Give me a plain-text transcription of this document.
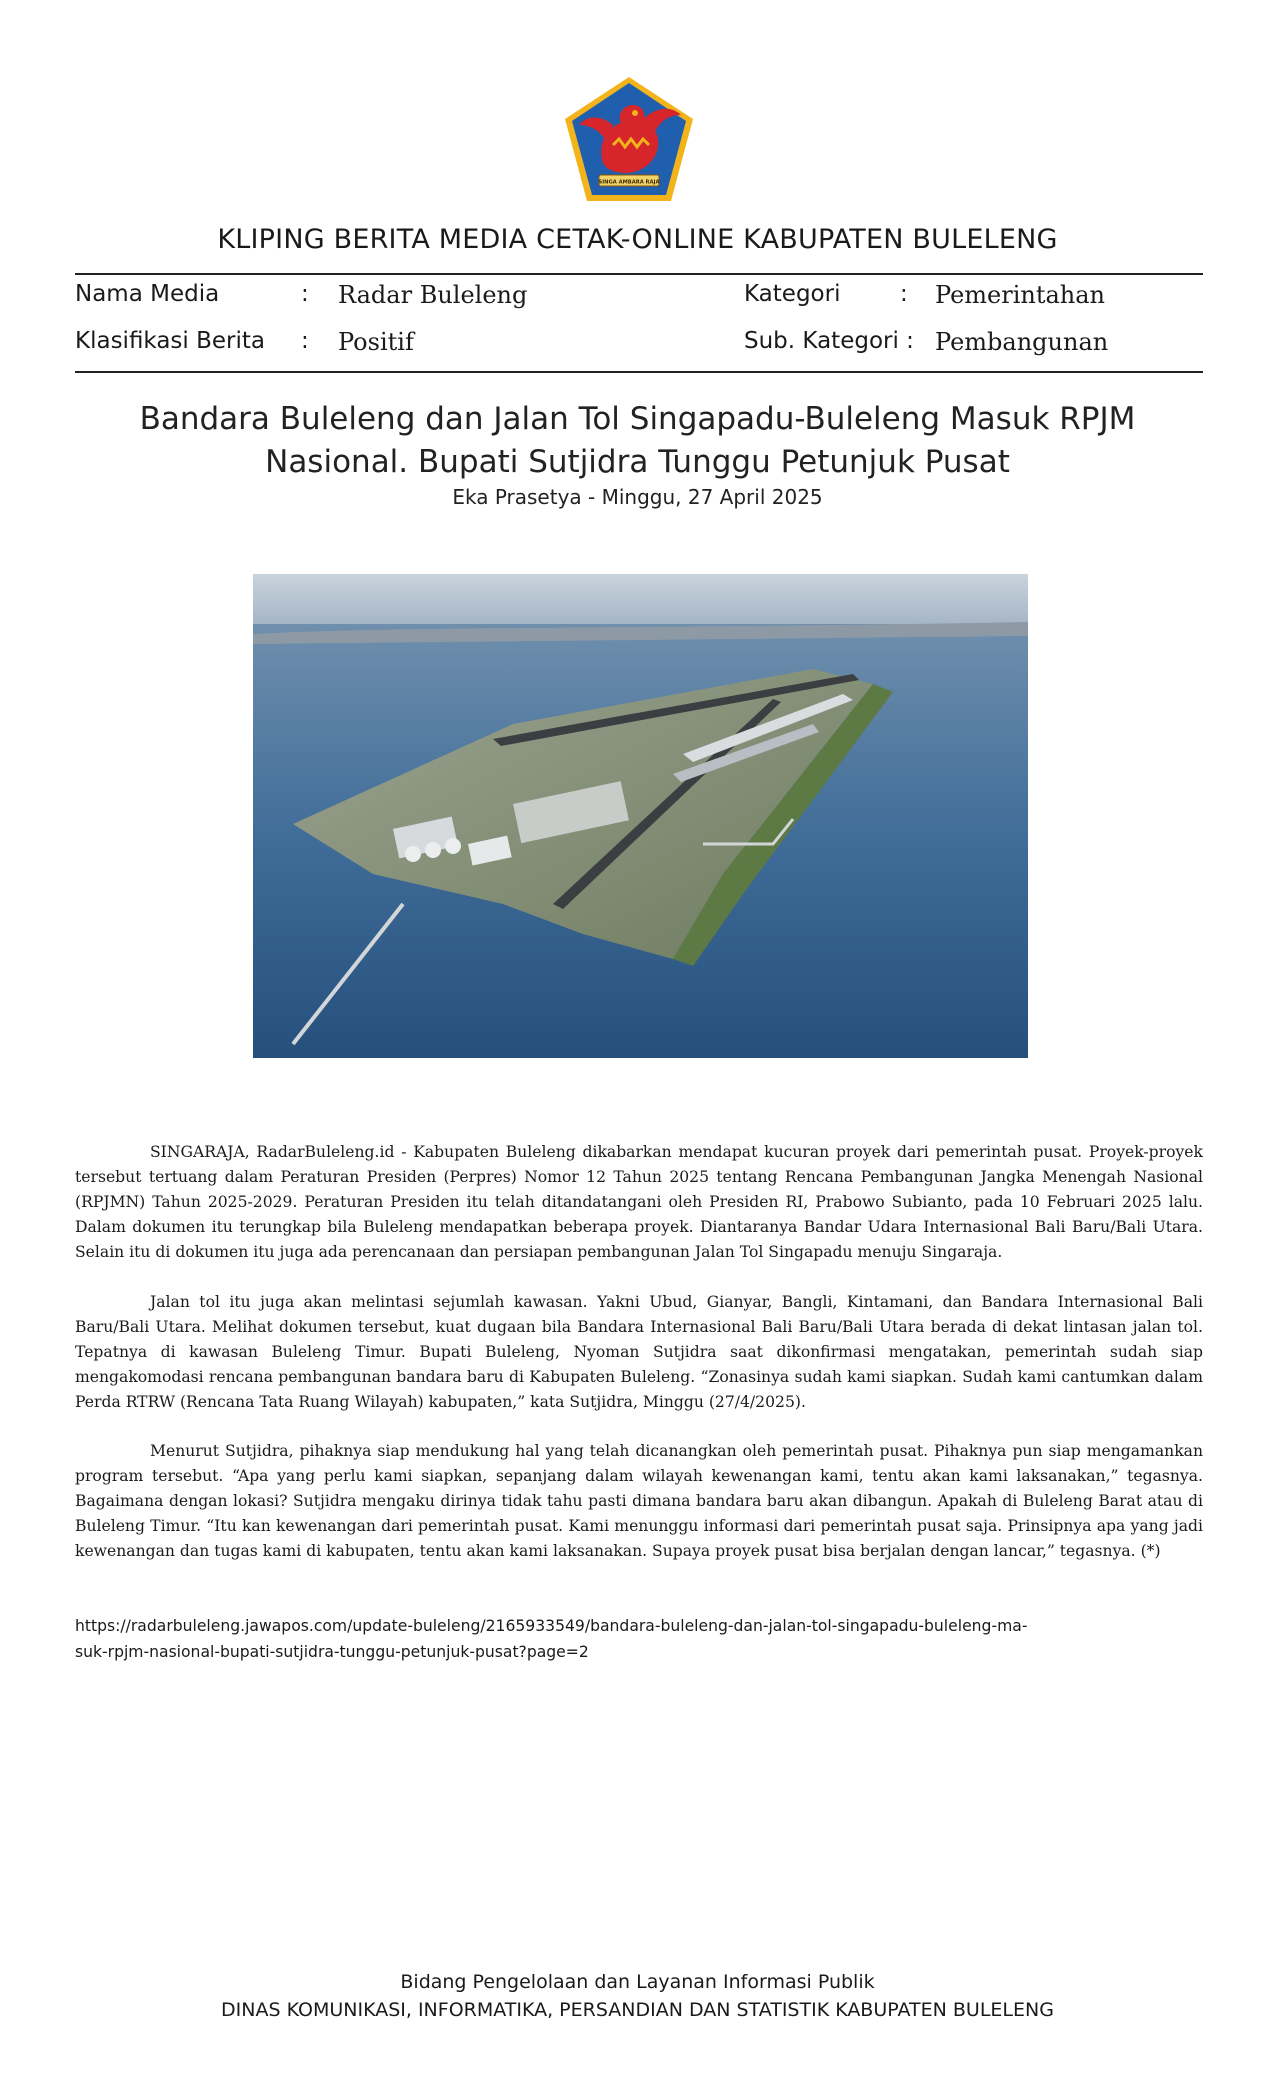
SINGA AMBARA RAJA
KLIPING BERITA MEDIA CETAK-ONLINE KABUPATEN BULELENG
Nama Media	: Radar Buleleng	Kategori	: Pemerintahan
Klasifikasi Berita : Positif	Sub. Kategori : Pembangunan
Bandara Buleleng dan Jalan Tol Singapadu-Buleleng Masuk RPJM
Nasional. Bupati Sutjidra Tunggu Petunjuk Pusat
Eka Prasetya - Minggu, 27 April 2025

SINGARAJA, RadarBuleleng.id - Kabupaten Buleleng dikabarkan mendapat kucuran proyek dari pemerintah pusat. Proyek-proyek tersebut tertuang dalam Peraturan Presiden (Perpres) Nomor 12 Tahun 2025 tentang Rencana Pembangunan Jangka Menengah Nasional (RPJMN) Tahun 2025-2029. Peraturan Presiden itu telah ditandatangani oleh Presiden RI, Prabowo Subianto, pada 10 Februari 2025 lalu. Dalam dokumen itu terungkap bila Buleleng mendapatkan beberapa proyek. Diantaranya Bandar Udara Internasional Bali Baru/Bali Utara. Selain itu di dokumen itu juga ada perencanaan dan persiapan pembangunan Jalan Tol Singapadu menuju Singaraja.

Jalan tol itu juga akan melintasi sejumlah kawasan. Yakni Ubud, Gianyar, Bangli, Kintamani, dan Bandara Internasional Bali Baru/Bali Utara. Melihat dokumen tersebut, kuat dugaan bila Bandara Internasional Bali Baru/Bali Utara berada di dekat lintasan jalan tol. Tepatnya di kawasan Buleleng Timur. Bupati Buleleng, Nyoman Sutjidra saat dikonfirmasi mengatakan, pemerintah sudah siap mengakomodasi rencana pembangunan bandara baru di Kabupaten Buleleng. “Zonasinya sudah kami siapkan. Sudah kami cantumkan dalam Perda RTRW (Rencana Tata Ruang Wilayah) kabupaten,” kata Sutjidra, Minggu (27/4/2025).

Menurut Sutjidra, pihaknya siap mendukung hal yang telah dicanangkan oleh pemerintah pusat. Pihaknya pun siap mengamankan program tersebut. “Apa yang perlu kami siapkan, sepanjang dalam wilayah kewenangan kami, tentu akan kami laksanakan,” tegasnya. Bagaimana dengan lokasi? Sutjidra mengaku dirinya tidak tahu pasti dimana bandara baru akan dibangun. Apakah di Buleleng Barat atau di Buleleng Timur. “Itu kan kewenangan dari pemerintah pusat. Kami menunggu informasi dari pemerintah pusat saja. Prinsipnya apa yang jadi kewenangan dan tugas kami di kabupaten, tentu akan kami laksanakan. Supaya proyek pusat bisa berjalan dengan lancar,” tegasnya. (*)

https://radarbuleleng.jawapos.com/update-buleleng/2165933549/bandara-buleleng-dan-jalan-tol-singapadu-buleleng-ma-
suk-rpjm-nasional-bupati-sutjidra-tunggu-petunjuk-pusat?page=2
Bidang Pengelolaan dan Layanan Informasi Publik
DINAS KOMUNIKASI, INFORMATIKA, PERSANDIAN DAN STATISTIK KABUPATEN BULELENG
